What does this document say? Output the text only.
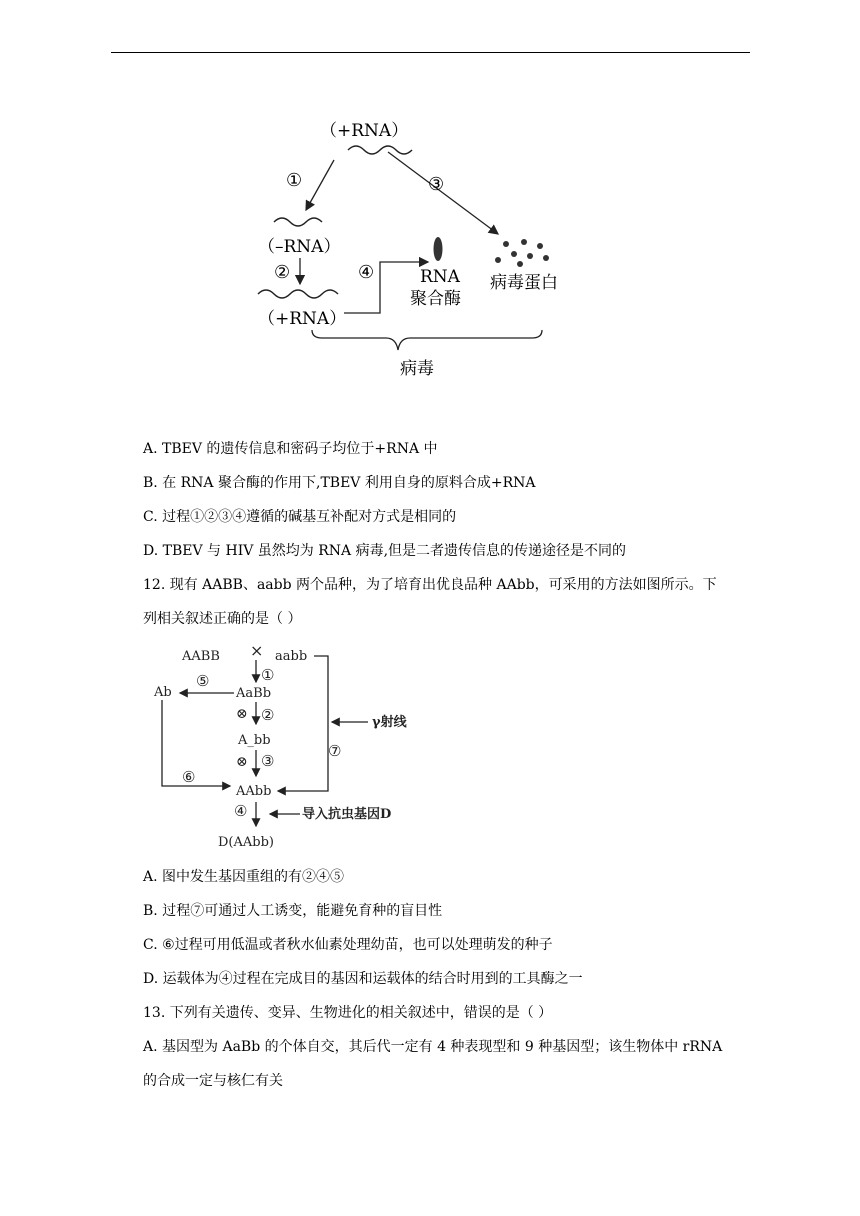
（+RNA）
①	③
（–RNA）
②
（+RNA）
④	RNA
聚合酶
病毒蛋白
病毒
A. TBEV 的遗传信息和密码子均位于+RNA 中
B. 在 RNA 聚合酶的作用下,TBEV 利用自身的原料合成+RNA
C. 过程①②③④遵循的碱基互补配对方式是相同的
D. TBEV 与 HIV 虽然均为 RNA 病毒,但是二者遗传信息的传递途径是不同的
12. 现有 AABB、aabb 两个品种，为了培育出优良品种 AAbb，可采用的方法如图所示。下
列相关叙述正确的是（ ）
AABB × aabb
①
Ab
⑤
AaBb
⊗ ②
A_bb
⊗ ③
AAbb
④	导入抗虫基因D
D(AAbb)
⑥
⑦
γ射线
A. 图中发生基因重组的有②④⑤
B. 过程⑦可通过人工诱变，能避免育种的盲目性
C. ⑥过程可用低温或者秋水仙素处理幼苗，也可以处理萌发的种子
D. 运载体为④过程在完成目的基因和运载体的结合时用到的工具酶之一
13. 下列有关遗传、变异、生物进化的相关叙述中，错误的是（ ）
A. 基因型为 AaBb 的个体自交，其后代一定有 4 种表现型和 9 种基因型；该生物体中 rRNA
的合成一定与核仁有关
